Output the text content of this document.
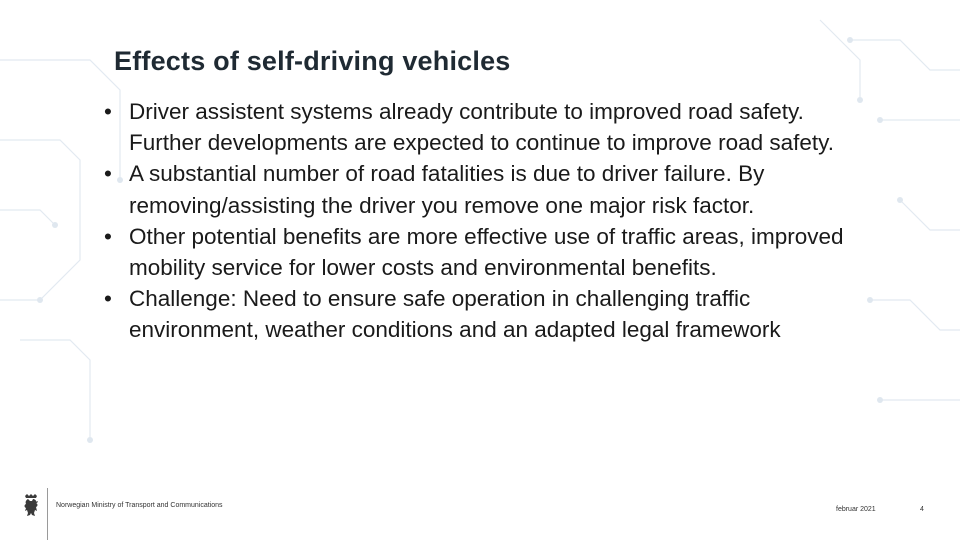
Effects of self-driving vehicles
• Driver assistent systems already contribute to improved road safety. Further developments are expected to continue to improve road safety.
• A substantial number of road fatalities is due to driver failure. By removing/assisting the driver you remove one major risk factor.
• Other potential benefits are more effective use of traffic areas, improved mobility service for lower costs and environmental benefits.
• Challenge: Need to ensure safe operation in challenging traffic environment, weather conditions and an adapted legal framework
Norwegian Ministry of Transport and Communications
februar 2021	4
